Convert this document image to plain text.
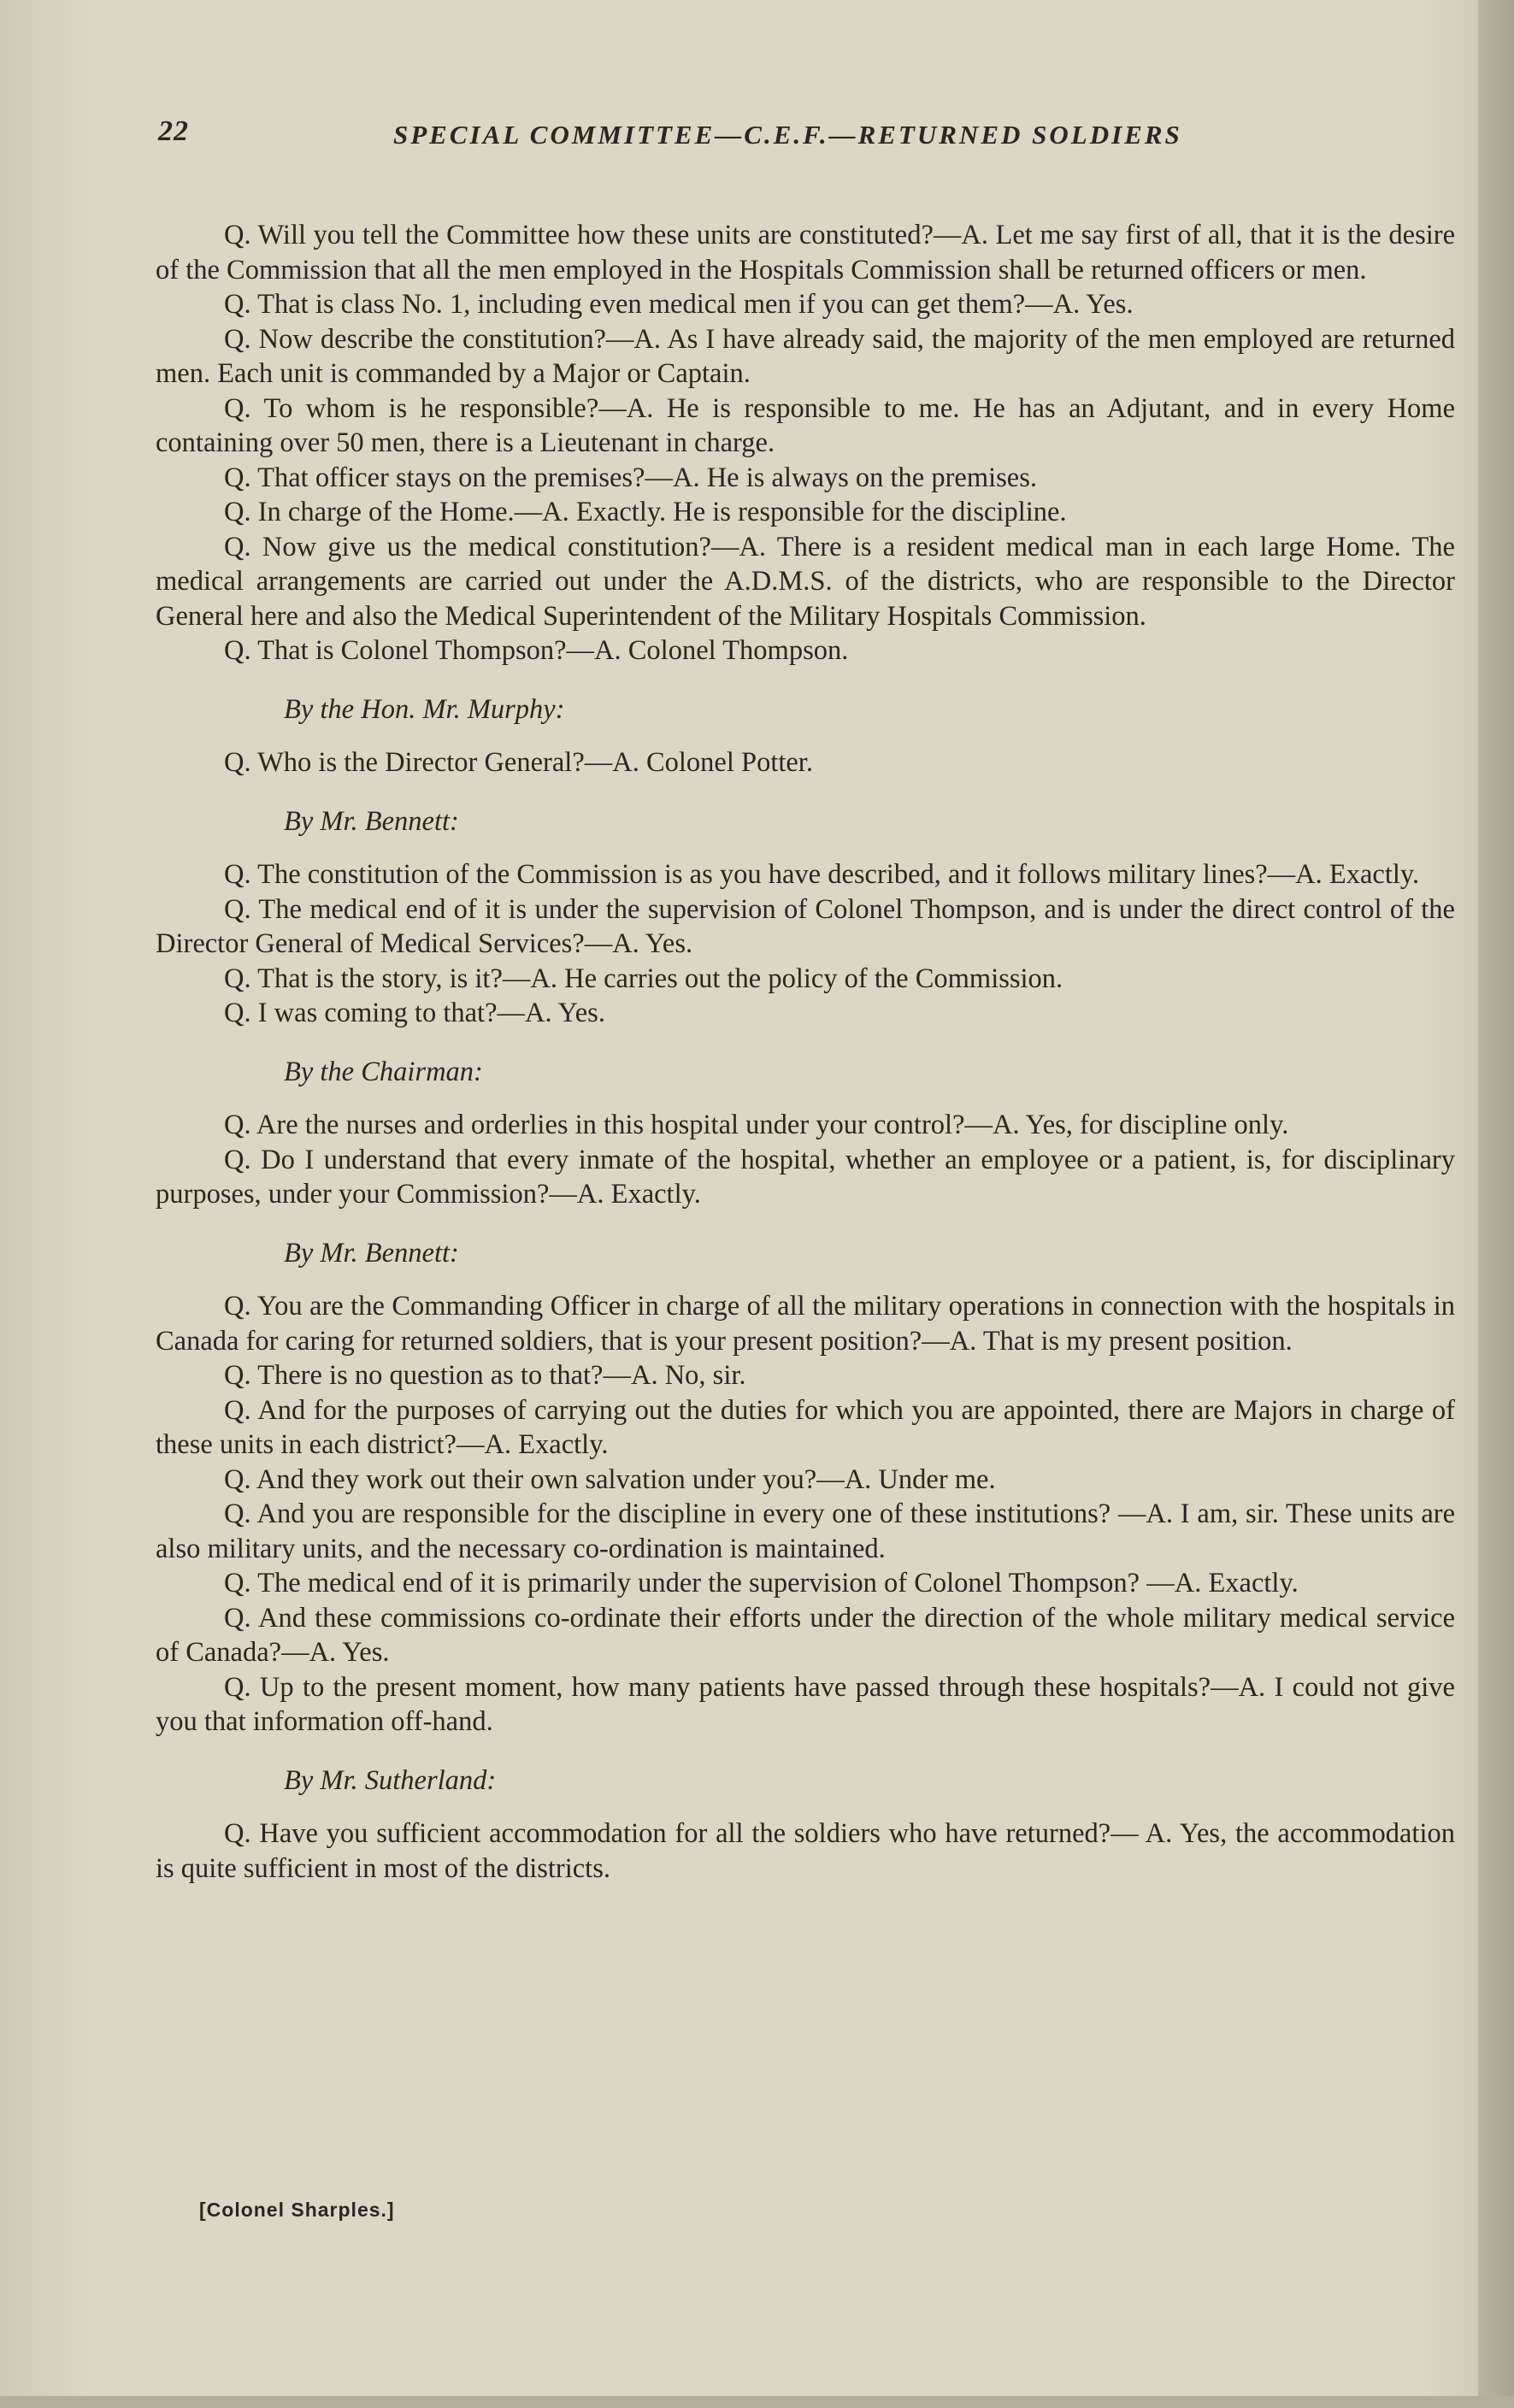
22	SPECIAL COMMITTEE—C.E.F.—RETURNED SOLDIERS

Q. Will you tell the Committee how these units are constituted?—A. Let me say first of all, that it is the desire of the Commission that all the men employed in the Hospitals Commission shall be returned officers or men.

Q. That is class No. 1, including even medical men if you can get them?—A. Yes.

Q. Now describe the constitution?—A. As I have already said, the majority of the men employed are returned men. Each unit is commanded by a Major or Captain.

Q. To whom is he responsible?—A. He is responsible to me. He has an Adjutant, and in every Home containing over 50 men, there is a Lieutenant in charge.

Q. That officer stays on the premises?—A. He is always on the premises.

Q. In charge of the Home.—A. Exactly. He is responsible for the discipline.

Q. Now give us the medical constitution?—A. There is a resident medical man in each large Home. The medical arrangements are carried out under the A.D.M.S. of the districts, who are responsible to the Director General here and also the Medical Superintendent of the Military Hospitals Commission.

Q. That is Colonel Thompson?—A. Colonel Thompson.

By the Hon. Mr. Murphy:

Q. Who is the Director General?—A. Colonel Potter.

By Mr. Bennett:

Q. The constitution of the Commission is as you have described, and it follows military lines?—A. Exactly.

Q. The medical end of it is under the supervision of Colonel Thompson, and is under the direct control of the Director General of Medical Services?—A. Yes.

Q. That is the story, is it?—A. He carries out the policy of the Commission.

Q. I was coming to that?—A. Yes.

By the Chairman:

Q. Are the nurses and orderlies in this hospital under your control?—A. Yes, for discipline only.

Q. Do I understand that every inmate of the hospital, whether an employee or a patient, is, for disciplinary purposes, under your Commission?—A. Exactly.

By Mr. Bennett:

Q. You are the Commanding Officer in charge of all the military operations in connection with the hospitals in Canada for caring for returned soldiers, that is your present position?—A. That is my present position.

Q. There is no question as to that?—A. No, sir.

Q. And for the purposes of carrying out the duties for which you are appointed, there are Majors in charge of these units in each district?—A. Exactly.

Q. And they work out their own salvation under you?—A. Under me.

Q. And you are responsible for the discipline in every one of these institutions? —A. I am, sir. These units are also military units, and the necessary co-ordination is maintained.

Q. The medical end of it is primarily under the supervision of Colonel Thompson? —A. Exactly.

Q. And these commissions co-ordinate their efforts under the direction of the whole military medical service of Canada?—A. Yes.

Q. Up to the present moment, how many patients have passed through these hospitals?—A. I could not give you that information off-hand.

By Mr. Sutherland:

Q. Have you sufficient accommodation for all the soldiers who have returned?— A. Yes, the accommodation is quite sufficient in most of the districts.

[Colonel Sharples.]
